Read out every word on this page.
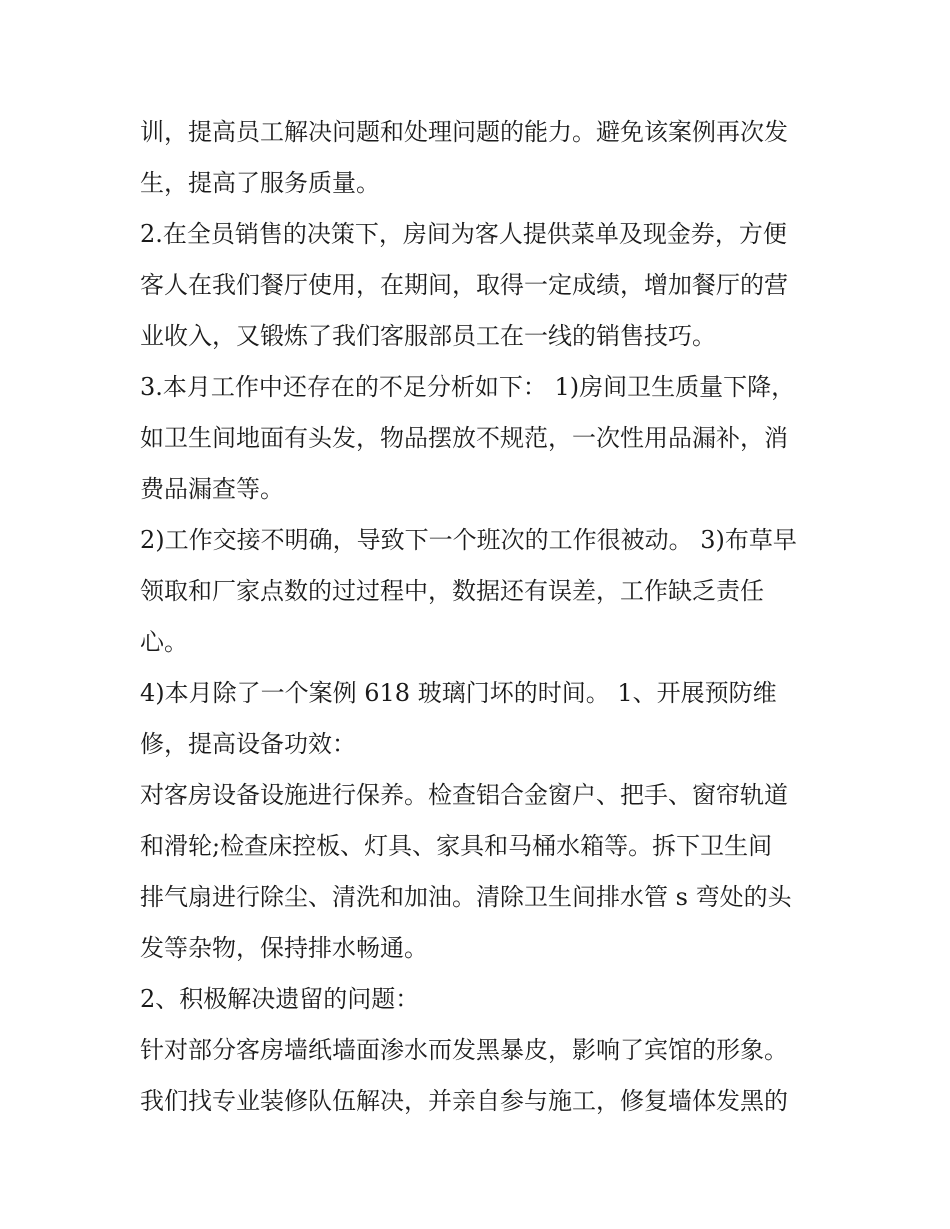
训，提高员工解决问题和处理问题的能力。避免该案例再次发
生，提高了服务质量。
2.在全员销售的决策下，房间为客人提供菜单及现金券，方便
客人在我们餐厅使用，在期间，取得一定成绩，增加餐厅的营
业收入，又锻炼了我们客服部员工在一线的销售技巧。
3.本月工作中还存在的不足分析如下： 1)房间卫生质量下降，
如卫生间地面有头发，物品摆放不规范，一次性用品漏补，消
费品漏查等。
2)工作交接不明确，导致下一个班次的工作很被动。 3)布草早
领取和厂家点数的过过程中，数据还有误差，工作缺乏责任
心。
4)本月除了一个案例 618 玻璃门坏的时间。 1、开展预防维
修，提高设备功效：
对客房设备设施进行保养。检查铝合金窗户、把手、窗帘轨道
和滑轮;检查床控板、灯具、家具和马桶水箱等。拆下卫生间
排气扇进行除尘、清洗和加油。清除卫生间排水管 s 弯处的头
发等杂物，保持排水畅通。
2、积极解决遗留的问题：
针对部分客房墙纸墙面渗水而发黑暴皮，影响了宾馆的形象。
我们找专业装修队伍解决，并亲自参与施工，修复墙体发黑的
